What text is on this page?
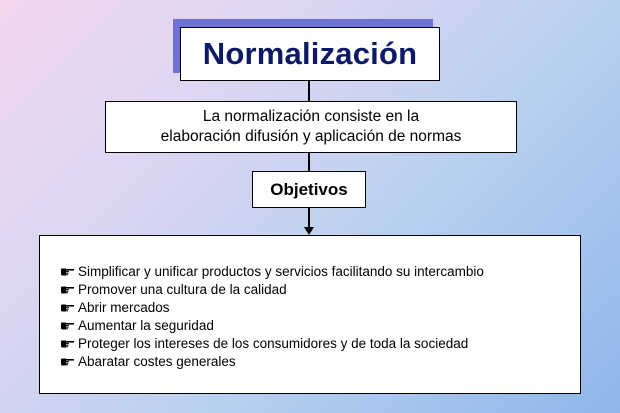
Normalización
La normalización consiste en la
elaboración difusión y aplicación de normas
Objetivos
Simplificar y unificar productos y servicios facilitando su intercambio
Promover una cultura de la calidad
Abrir mercados
Aumentar la seguridad
Proteger los intereses de los consumidores y de toda la sociedad
Abaratar costes generales
